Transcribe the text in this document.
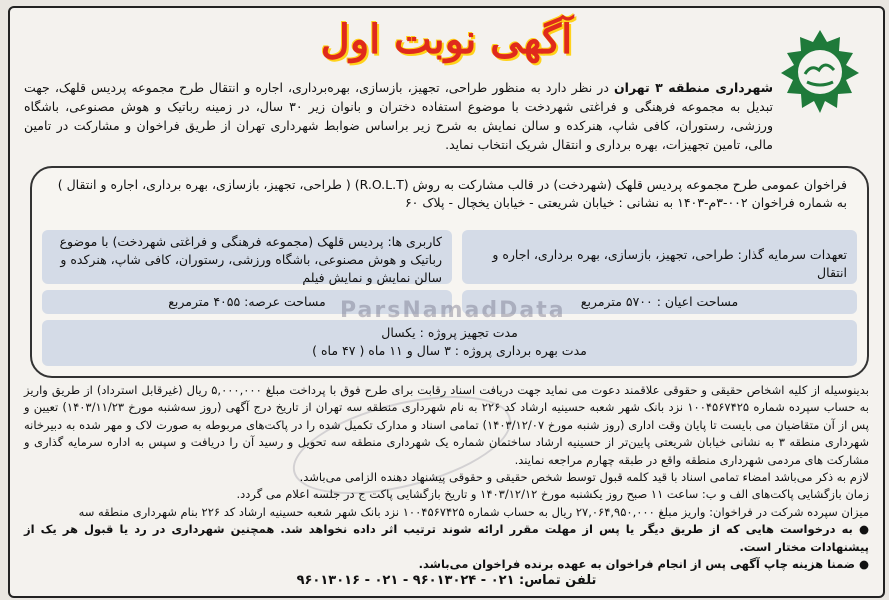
آگهی نوبت اول
شهرداری منطقه ۳ تهران در نظر دارد به منظور طراحی، تجهیز، بازسازی، بهره‌برداری، اجاره و انتقال طرح مجموعه پردیس قلهک، جهت تبدیل به مجموعه فرهنگی و فراغتی شهردخت با موضوع استفاده دختران و بانوان زیر ۳۰ سال، در زمینه رباتیک و هوش مصنوعی، باشگاه ورزشی، رستوران، کافی شاپ، هنرکده و سالن نمایش به شرح زیر براساس ضوابط شهرداری تهران از طریق فراخوان و مشارکت در تامین مالی، تامین تجهیزات، بهره برداری و انتقال شریک انتخاب نماید.
فراخوان عمومی طرح مجموعه پردیس قلهک (شهردخت) در قالب مشارکت به روش (R.O.L.T) ( طراحی، تجهیز، بازسازی، بهره برداری، اجاره و انتقال )
به شماره فراخوان ۰۰۲-۳م-۱۴۰۳ به نشانی : خیابان شریعتی - خیابان یخچال - پلاک ۶۰
تعهدات سرمایه گذار: طراحی، تجهیز، بازسازی، بهره برداری، اجاره و انتقال
کاربری ها: پردیس قلهک (مجموعه فرهنگی و فراغتی شهردخت) با موضوع رباتیک و هوش مصنوعی، باشگاه ورزشی، رستوران، کافی شاپ، هنرکده و سالن نمایش و نمایش فیلم
مساحت اعیان : ۵۷۰۰ مترمربع
مساحت عرصه: ۴۰۵۵ مترمربع
مدت تجهیز پروژه : یکسال
مدت بهره برداری پروژه : ۳ سال و ۱۱ ماه ( ۴۷ ماه )
ParsNamadData

بدینوسیله از کلیه اشخاص حقیقی و حقوقی علاقمند دعوت می نماید جهت دریافت اسناد رقابت برای طرح فوق با پرداخت مبلغ ۵,۰۰۰,۰۰۰ ریال (غیرقابل استرداد) از طریق واریز به حساب سپرده شماره ۱۰۰۴۵۶۷۴۲۵ نزد بانک شهر شعبه حسینیه ارشاد کد ۲۲۶ به نام شهرداری منطقه سه تهران از تاریخ درج آگهی (روز سه‌شنبه مورخ ۱۴۰۳/۱۱/۲۳) تعیین و پس از آن متقاضیان می بایست تا پایان وقت اداری (روز شنبه مورخ ۱۴۰۳/۱۲/۰۷) تمامی اسناد و مدارک تکمیل شده را در پاکت‌های مربوطه به صورت لاک و مهر شده به دبیرخانه شهرداری منطقه ۳ به نشانی خیابان شریعتی پایین‌تر از حسینیه ارشاد ساختمان شماره یک شهرداری منطقه سه تحویل و رسید آن را دریافت و سپس به اداره سرمایه گذاری و مشارکت های مردمی شهرداری منطقه واقع در طبقه چهارم مراجعه نمایند.

لازم به ذکر می‌باشد امضاء تمامی اسناد با قید کلمه قبول توسط شخص حقیقی و حقوقی پیشنهاد دهنده الزامی می‌باشد.

زمان بازگشایی پاکت‌های الف و ب: ساعت ۱۱ صبح روز یکشنبه مورخ ۱۴۰۳/۱۲/۱۲ و تاریخ بازگشایی پاکت ج در جلسه اعلام می گردد.

میزان سپرده شرکت در فراخوان: واریز مبلغ ۲۷,۰۶۴,۹۵۰,۰۰۰ ریال به حساب شماره ۱۰۰۴۵۶۷۴۲۵ نزد بانک شهر شعبه حسینیه ارشاد کد ۲۲۶ بنام شهرداری منطقه سه

● به درخواست هایی که از طریق دیگر یا پس از مهلت مقرر ارائه شوند ترتیب اثر داده نخواهد شد. همچنین شهرداری در رد یا قبول هر یک از پیشنهادات مختار است.

● ضمنا هزینه چاپ آگهی پس از انجام فراخوان به عهده برنده فراخوان می‌باشد.

تلفن تماس: ۰۲۱ - ۹۶۰۱۳۰۲۴ - ۰۲۱ - ۹۶۰۱۳۰۱۶
